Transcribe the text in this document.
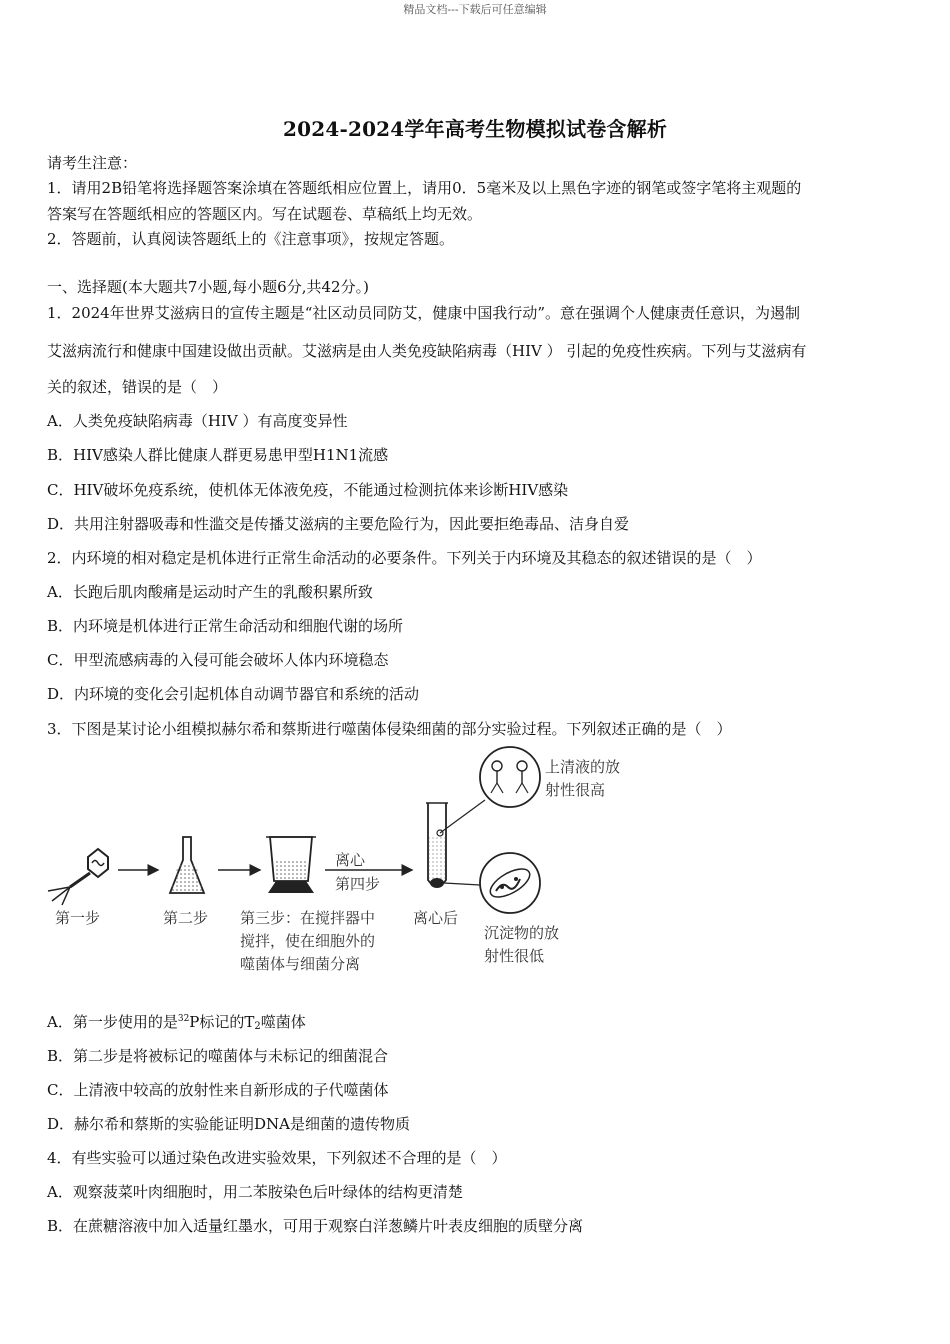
精品文档---下载后可任意编辑
2024-2024学年高考生物模拟试卷含解析
请考生注意：
1．请用2B铅笔将选择题答案涂填在答题纸相应位置上，请用0．5毫米及以上黑色字迹的钢笔或签字笔将主观题的
答案写在答题纸相应的答题区内。写在试题卷、草稿纸上均无效。
2．答题前，认真阅读答题纸上的《注意事项》，按规定答题。
一、选择题(本大题共7小题,每小题6分,共42分。)
1．2024年世界艾滋病日的宣传主题是“社区动员同防艾，健康中国我行动”。意在强调个人健康责任意识，为遏制
艾滋病流行和健康中国建设做出贡献。艾滋病是由人类免疫缺陷病毒（HIV ） 引起的免疫性疾病。下列与艾滋病有
关的叙述，错误的是（　）
A．人类免疫缺陷病毒（HIV ）有高度变异性
B．HIV感染人群比健康人群更易患甲型H1N1流感
C．HIV破坏免疫系统，使机体无体液免疫，不能通过检测抗体来诊断HIV感染
D．共用注射器吸毒和性滥交是传播艾滋病的主要危险行为，因此要拒绝毒品、洁身自爱
2．内环境的相对稳定是机体进行正常生命活动的必要条件。下列关于内环境及其稳态的叙述错误的是（　）
A．长跑后肌肉酸痛是运动时产生的乳酸积累所致
B．内环境是机体进行正常生命活动和细胞代谢的场所
C．甲型流感病毒的入侵可能会破坏人体内环境稳态
D．内环境的变化会引起机体自动调节器官和系统的活动
3．下图是某讨论小组模拟赫尔希和蔡斯进行噬菌体侵染细菌的部分实验过程。下列叙述正确的是（　）
第一步	第二步 第三步：在搅拌器中
搅拌，使在细胞外的
噬菌体与细菌分离
离心
第四步
离心后
上清液的放
射性很高
沉淀物的放
射性很低
A．第一步使用的是$^{32}$P标记的$T_2$噬菌体
B．第二步是将被标记的噬菌体与未标记的细菌混合
C．上清液中较高的放射性来自新形成的子代噬菌体
D．赫尔希和蔡斯的实验能证明DNA是细菌的遗传物质
4．有些实验可以通过染色改进实验效果，下列叙述不合理的是（　）
A．观察菠菜叶肉细胞时，用二苯胺染色后叶绿体的结构更清楚
B．在蔗糖溶液中加入适量红墨水，可用于观察白洋葱鳞片叶表皮细胞的质壁分离
